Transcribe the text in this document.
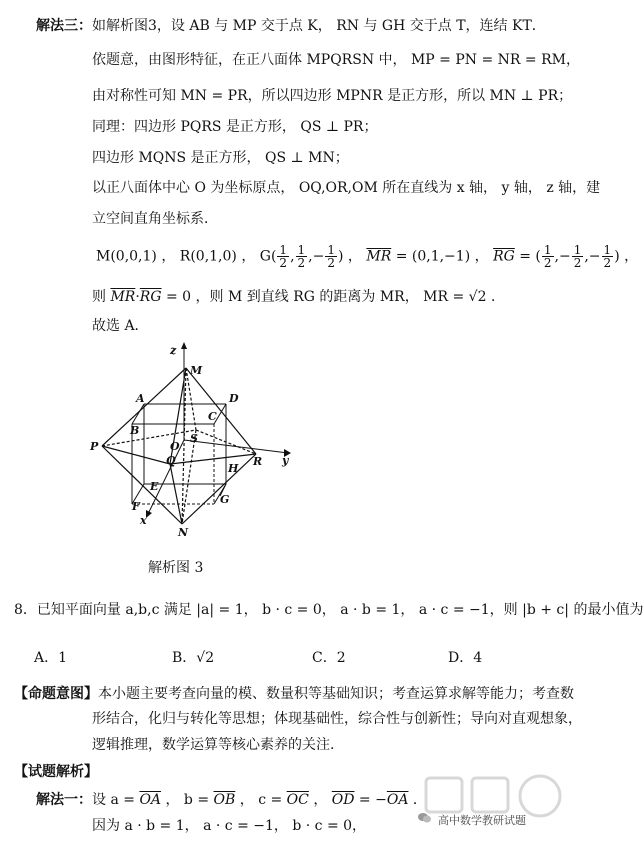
解法三：如解析图3，设 AB 与 MP 交于点 K， RN 与 GH 交于点 T，连结 KT．
依题意，由图形特征，在正八面体 MPQRSN 中， MP = PN = NR = RM，
由对称性可知 MN = PR，所以四边形 MPNR 是正方形，所以 MN ⊥ PR；
同理：四边形 PQRS 是正方形， QS ⊥ PR；
四边形 MQNS 是正方形， QS ⊥ MN；
以正八面体中心 O 为坐标原点， OQ,OR,OM 所在直线为 x 轴， y 轴， z 轴，建
立空间直角坐标系．
M(0,0,1) ， R(0,1,0) ， $G( \frac{1}{2}$ , $\frac{1}{2}$ ,− $\frac{1}{2}$ ) ， $\overline{MR} = (0,1,-1)$ ， $\overline{RG}$ = ( $\frac{1}{2}$ ,− $\frac{1}{2}$ ,− $\frac{1}{2}$ ) ，
则 $\overline{MR}\cdot\overline{RG} = 0$ ，则 M 到直线 RG 的距离为 MR， MR = √2 ．
故选 A．
z
M
A	D
B
C
S
O
Q
P
R y
H
E
G
F
x
N
解析图 3
8．已知平面向量 a,b,c 满足 |a| = 1， b · c = 0， a · b = 1， a · c = −1，则 |b + c| 的最小值为
A．1	B．√2	C．2	D．4
【命题意图】本小题主要考查向量的模、数量积等基础知识；考查运算求解等能力；考查数
形结合，化归与转化等思想；体现基础性，综合性与创新性；导向对直观想象，
逻辑推理，数学运算等核心素养的关注.
【试题解析】
解法一：设 $a = \overline{OA}$ ， $b = \overline{OB}$ ， $c = \overline{OC}$ ， $\overline{OD} = -\overline{OA}$ ．
因为 a · b = 1， a · c = −1， b · c = 0，	高中数学教研试题
